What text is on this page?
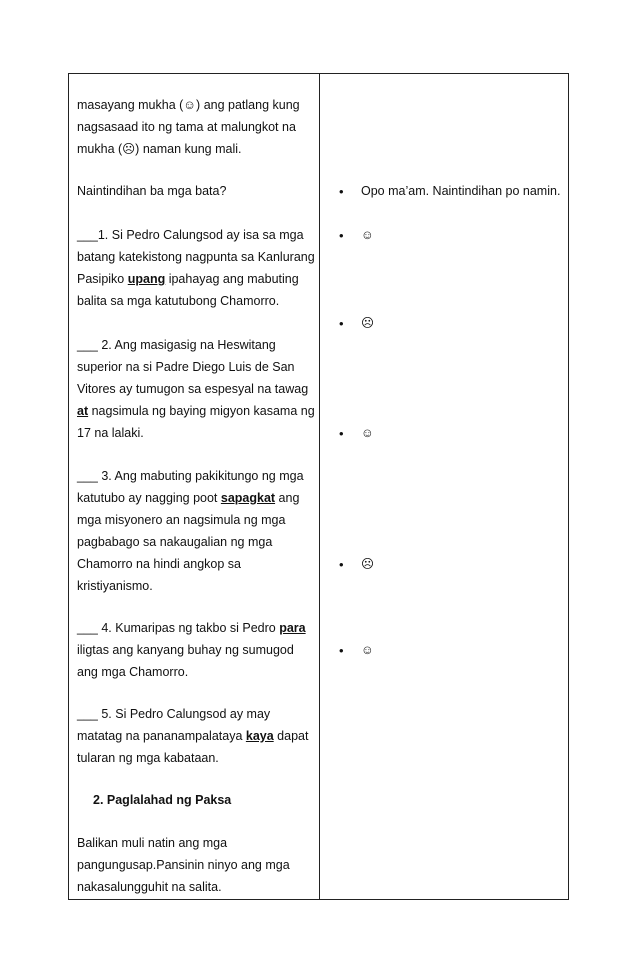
masayang mukha (☺) ang patlang kung
nagsasaad ito ng tama at malungkot na
mukha (☹) naman kung mali.
Naintindihan ba mga bata?
___1. Si Pedro Calungsod ay isa sa mga
batang katekistong nagpunta sa Kanlurang
Pasipiko upang ipahayag ang mabuting
balita sa mga katutubong Chamorro.
___ 2. Ang masigasig na Heswitang
superior na si Padre Diego Luis de San
Vitores ay tumugon sa espesyal na tawag
at nagsimula ng baying migyon kasama ng
17 na lalaki.
___ 3. Ang mabuting pakikitungo ng mga
katutubo ay nagging poot sapagkat ang
mga misyonero an nagsimula ng mga
pagbabago sa nakaugalian ng mga
Chamorro na hindi angkop sa
kristiyanismo.
___ 4. Kumaripas ng takbo si Pedro para
iligtas ang kanyang buhay ng sumugod
ang mga Chamorro.
___ 5. Si Pedro Calungsod ay may
matatag na pananampalataya kaya dapat
tularan ng mga kabataan.
2. Paglalahad ng Paksa
Balikan muli natin ang mga
pangungusap.Pansinin ninyo ang mga
nakasalungguhit na salita.
• Opo ma’am. Naintindihan po namin.
• ☺
• ☹
• ☺
• ☹
• ☺
